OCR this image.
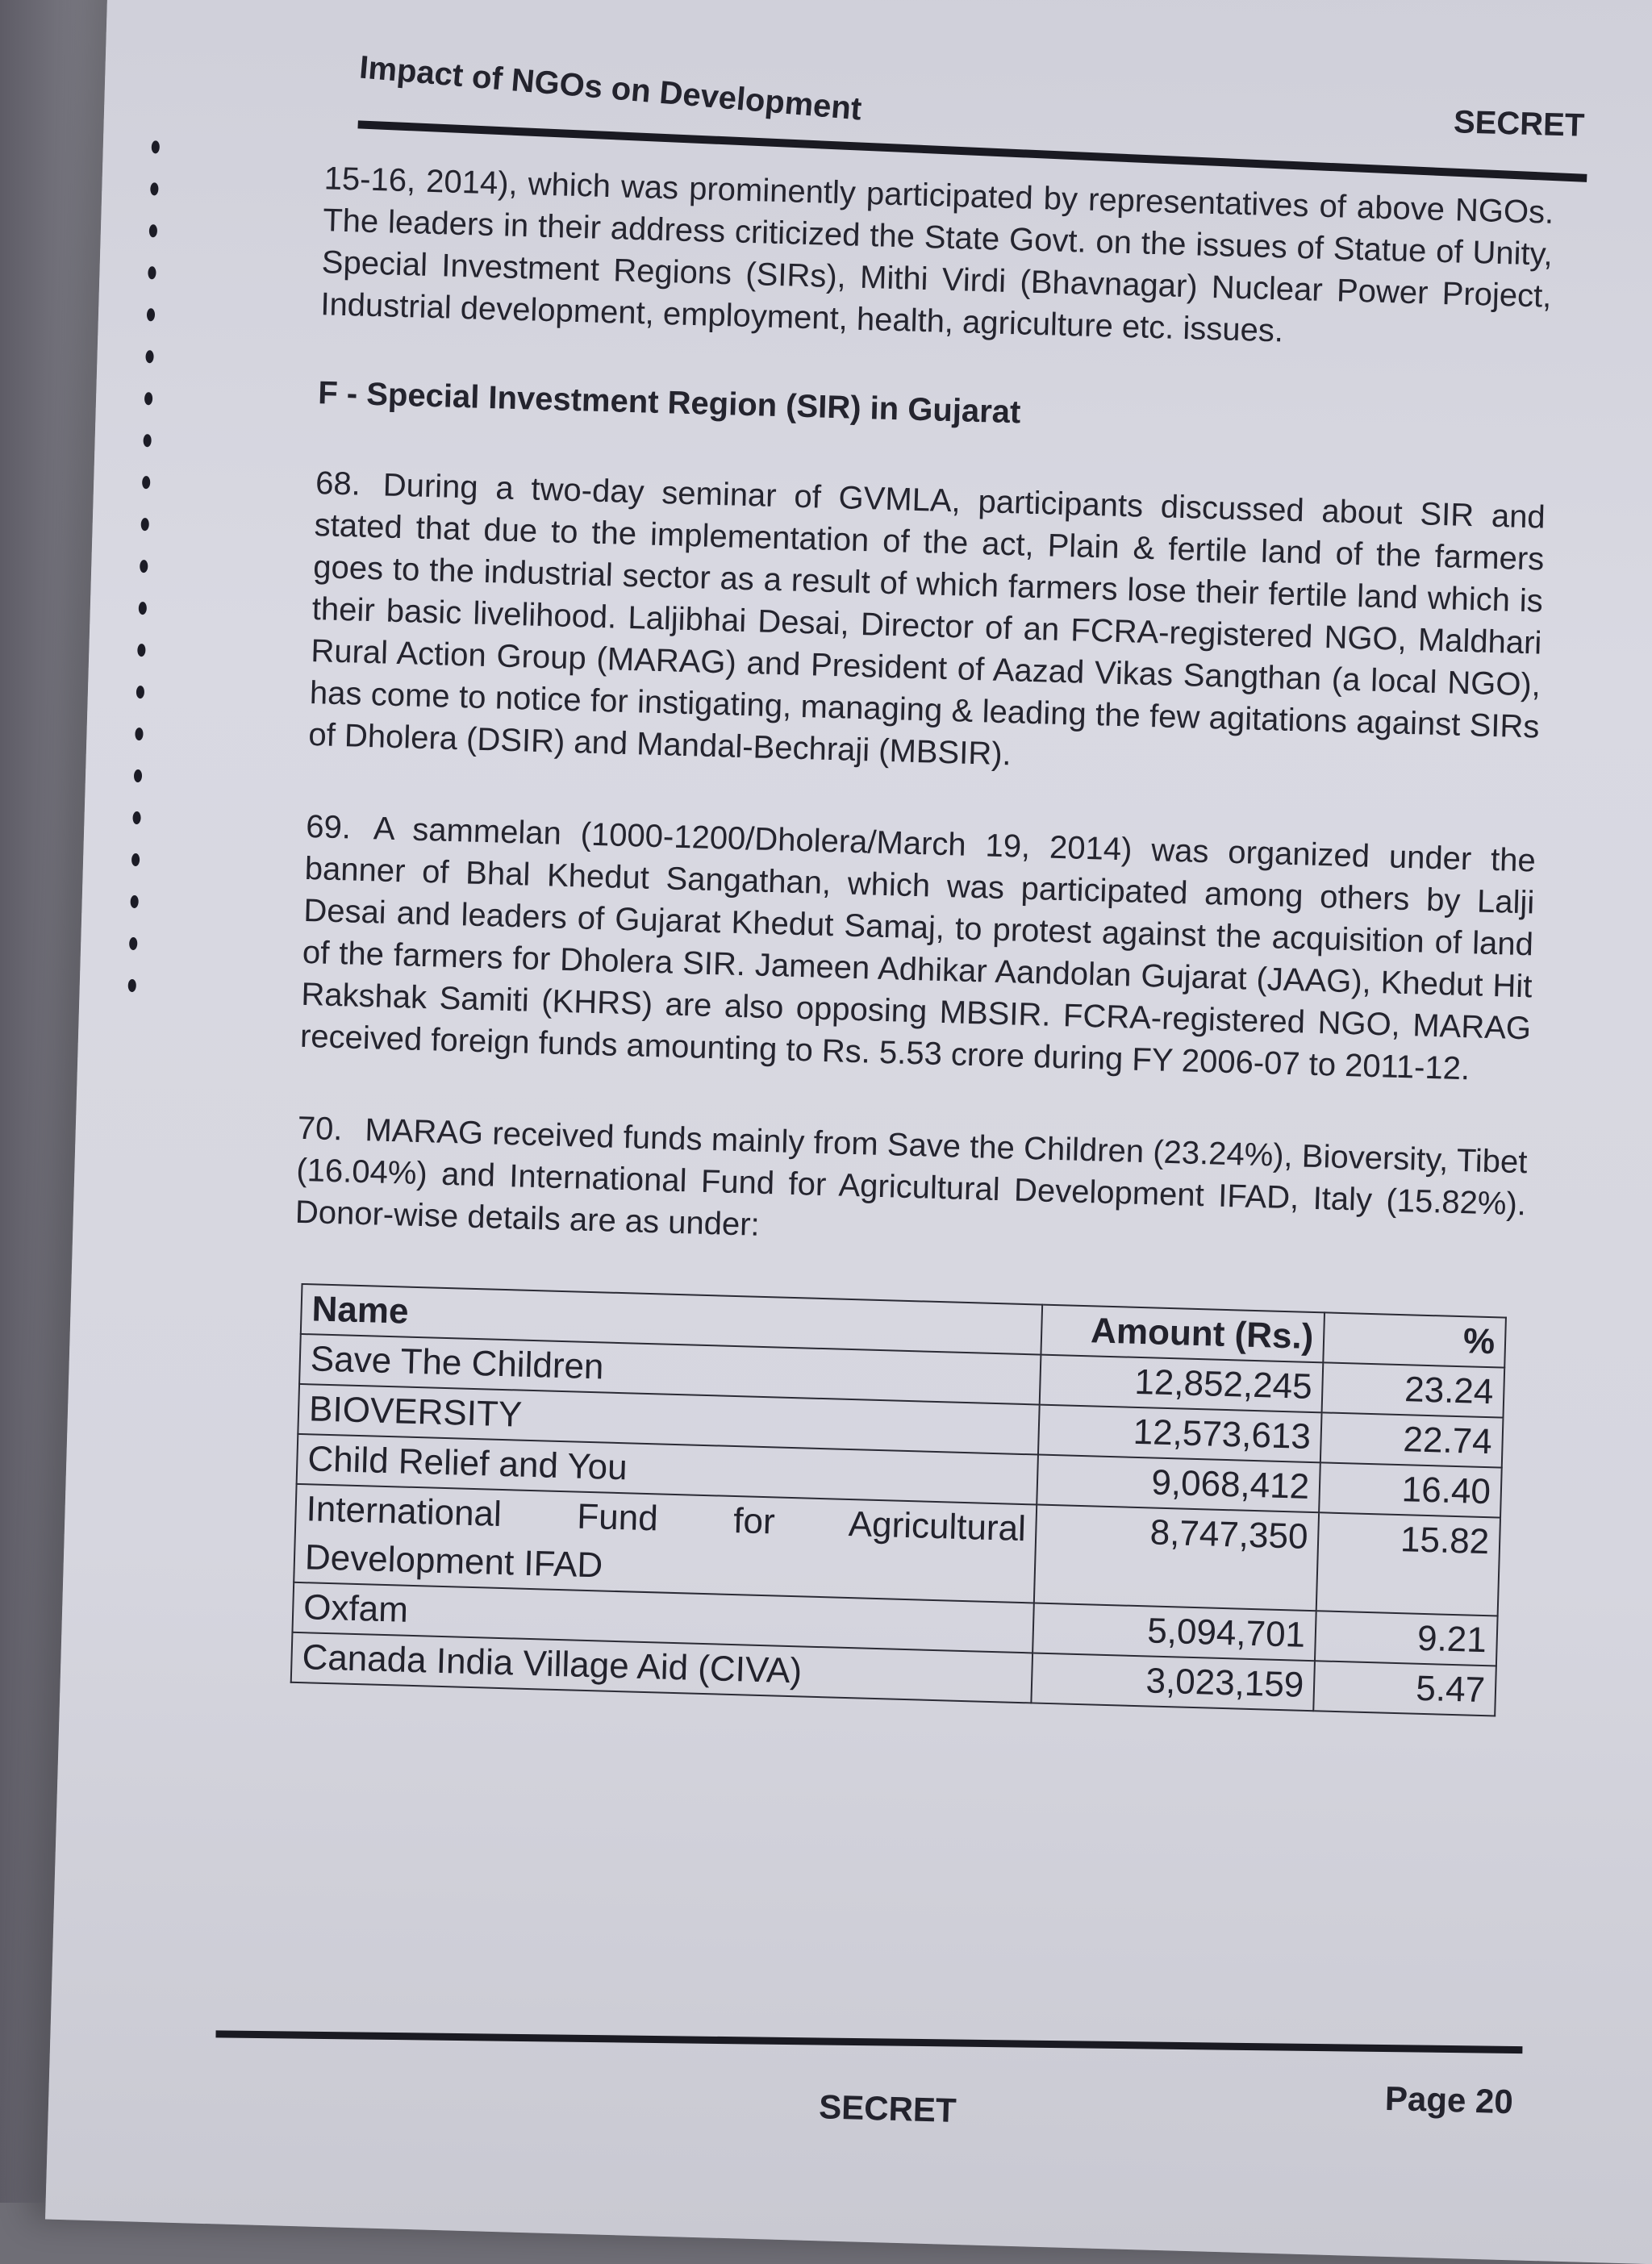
Impact of NGOs on Development	SECRET

15-16, 2014), which was prominently participated by representatives of above NGOs. The leaders in their address criticized the State Govt. on the issues of Statue of Unity, Special Investment Regions (SIRs), Mithi Virdi (Bhavnagar) Nuclear Power Project, Industrial development, employment, health, agriculture etc. issues.

F - Special Investment Region (SIR) in Gujarat

68. During a two-day seminar of GVMLA, participants discussed about SIR and stated that due to the implementation of the act, Plain & fertile land of the farmers goes to the industrial sector as a result of which farmers lose their fertile land which is their basic livelihood. Laljibhai Desai, Director of an FCRA-registered NGO, Maldhari Rural Action Group (MARAG) and President of Aazad Vikas Sangthan (a local NGO), has come to notice for instigating, managing & leading the few agitations against SIRs of Dholera (DSIR) and Mandal-Bechraji (MBSIR).

69. A sammelan (1000-1200/Dholera/March 19, 2014) was organized under the banner of Bhal Khedut Sangathan, which was participated among others by Lalji Desai and leaders of Gujarat Khedut Samaj, to protest against the acquisition of land of the farmers for Dholera SIR. Jameen Adhikar Aandolan Gujarat (JAAG), Khedut Hit Rakshak Samiti (KHRS) are also opposing MBSIR. FCRA-registered NGO, MARAG received foreign funds amounting to Rs. 5.53 crore during FY 2006-07 to 2011-12.

70. MARAG received funds mainly from Save the Children (23.24%), Bioversity, Tibet (16.04%) and International Fund for Agricultural Development IFAD, Italy (15.82%). Donor-wise details are as under:

Name	Amount (Rs.)	%
Save The Children	12,852,245	23.24
BIOVERSITY	12,573,613	22.74
Child Relief and You	9,068,412	16.40
International Fund for Agricultural Development IFAD	8,747,350	15.82
Oxfam	5,094,701	9.21
Canada India Village Aid (CIVA)	3,023,159	5.47
SECRET	Page 20
